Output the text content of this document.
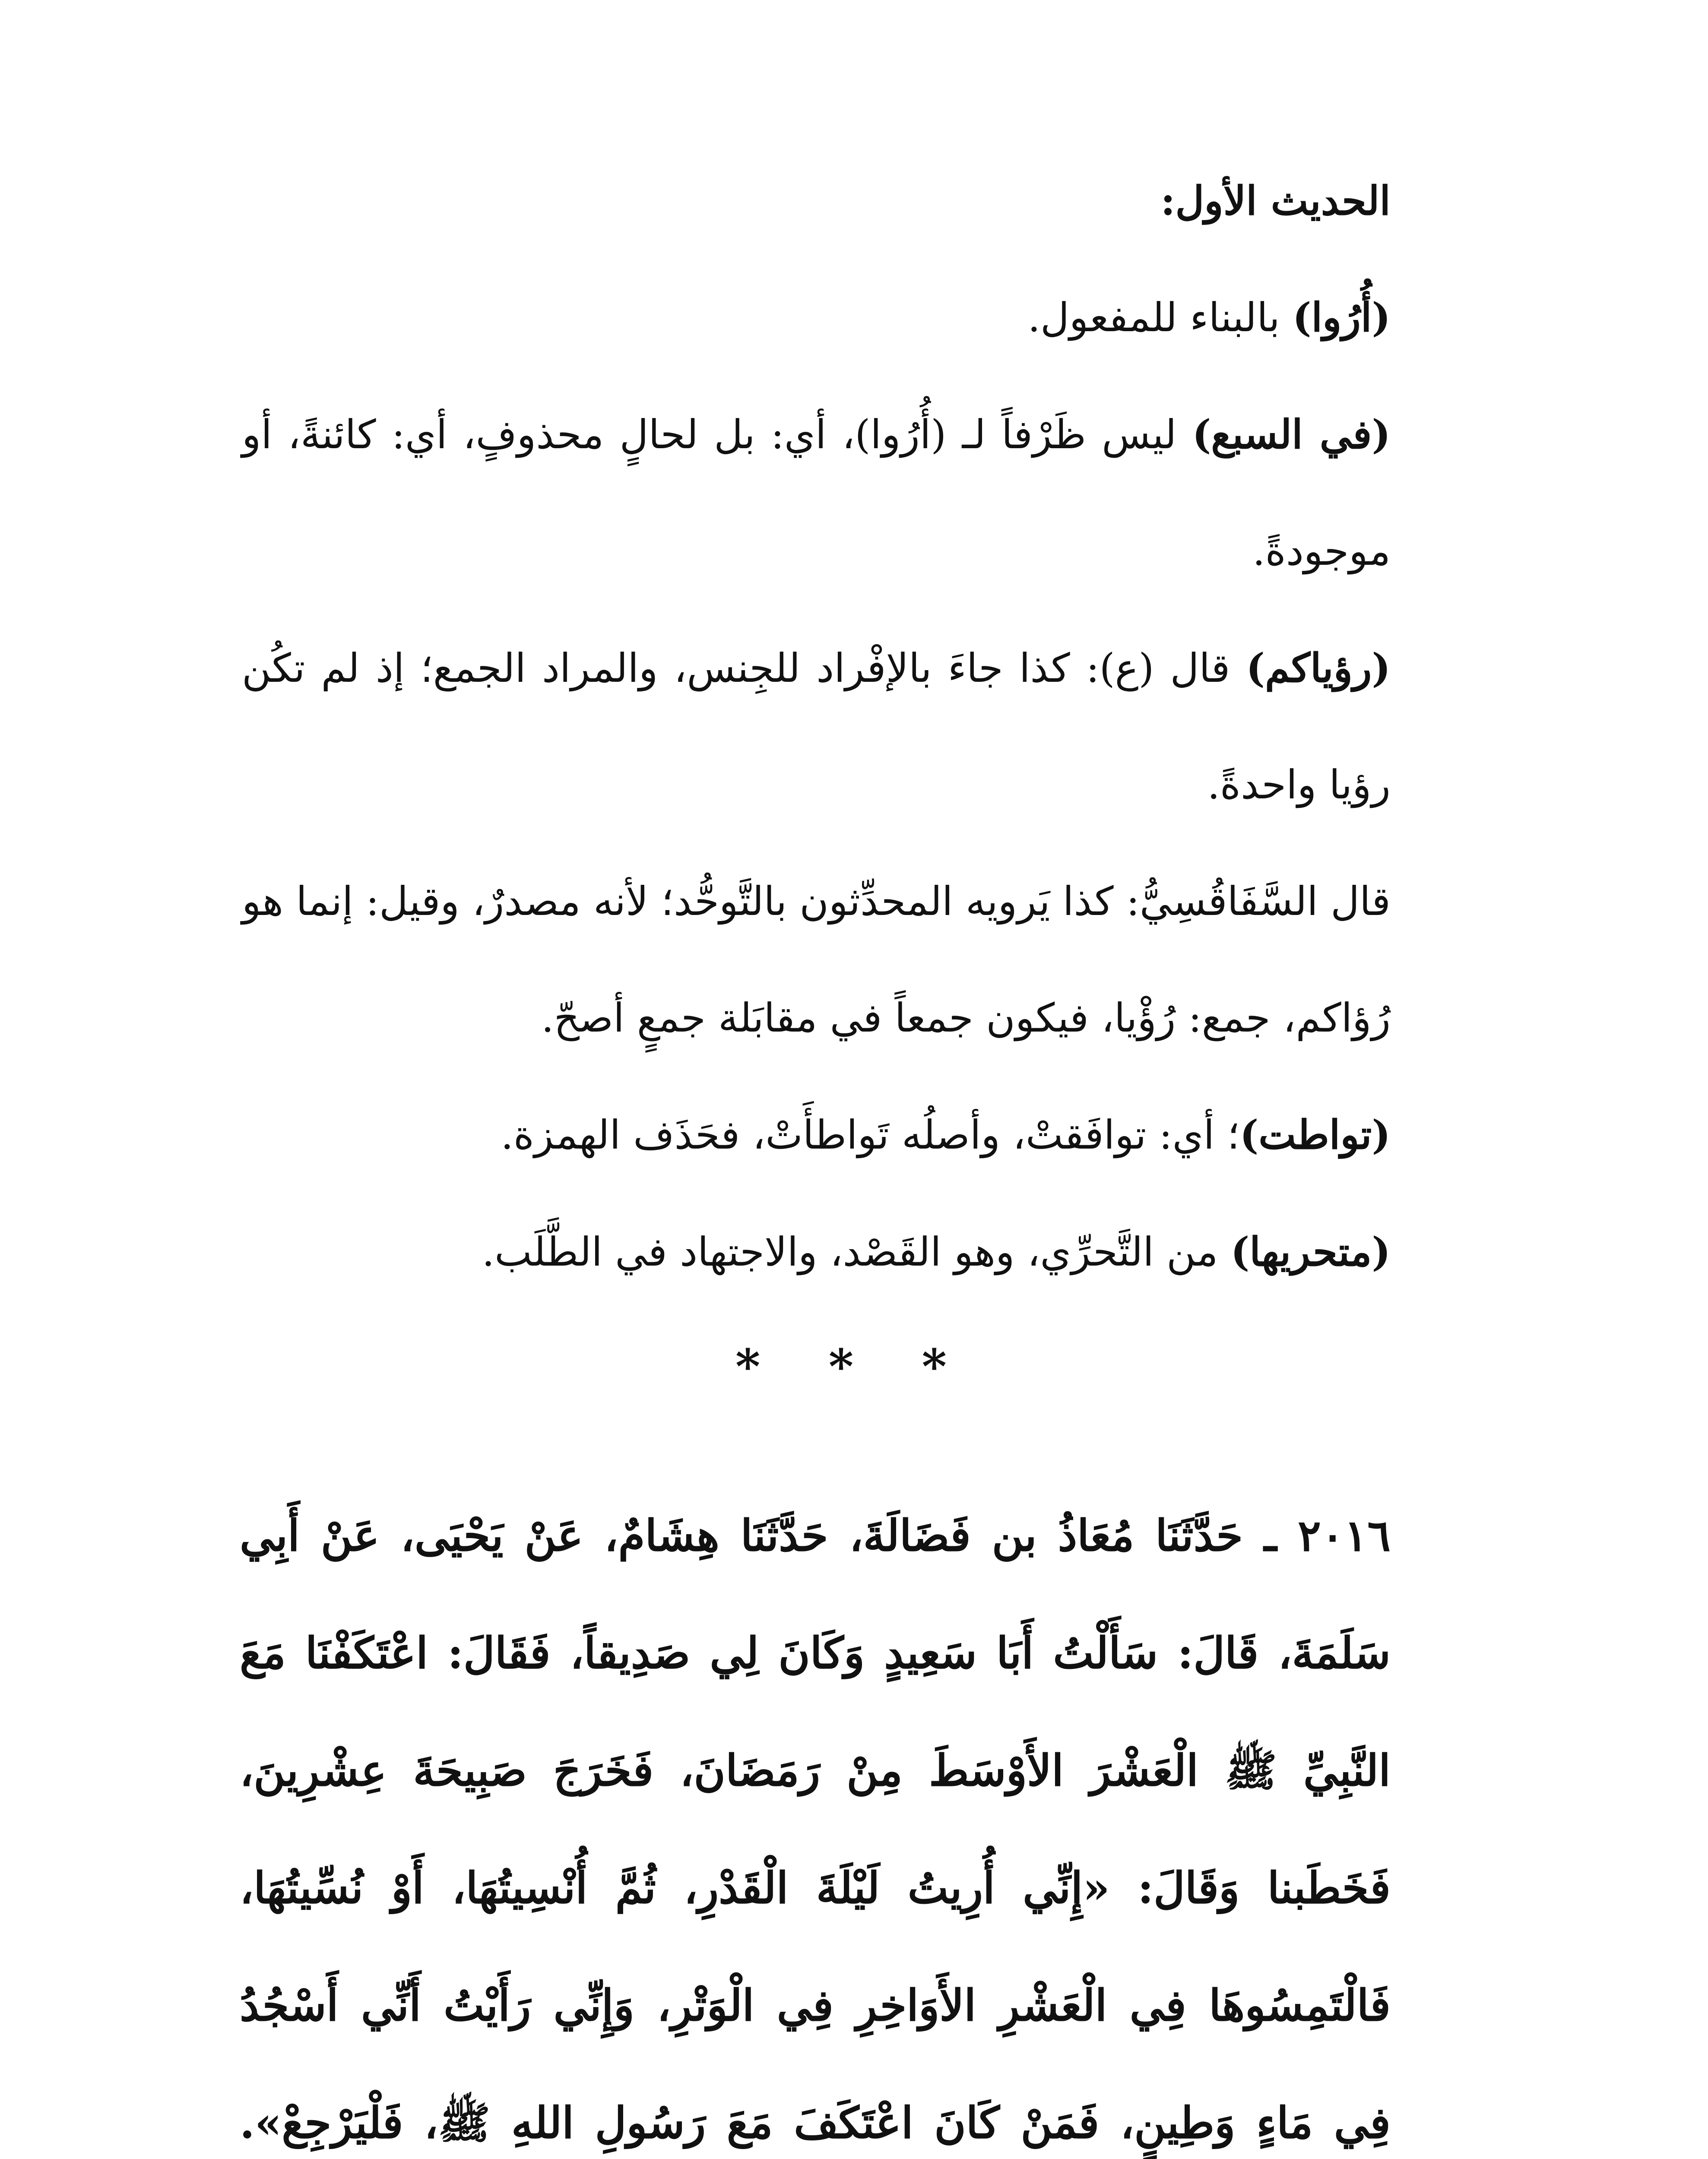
الحديث الأول:

(أُرُوا) بالبناء للمفعول.

(في السبع) ليس ظَرْفاً لـ (أُرُوا)، أي: بل لحالٍ محذوفٍ، أي: كائنةً، أو موجودةً.

(رؤياكم) قال (ع): كذا جاءَ بالإفْراد للجِنس، والمراد الجمع؛ إذ لم تكُن رؤيا واحدةً.

قال السَّفَاقُسِيُّ: كذا يَرويه المحدِّثون بالتَّوحُّد؛ لأنه مصدرٌ، وقيل: إنما هو رُؤاكم، جمع: رُؤْيا، فيكون جمعاً في مقابَلة جمعٍ أصحّ.

(تواطت)؛ أي: توافَقتْ، وأصلُه تَواطأَتْ، فحَذَف الهمزة.

(متحريها) من التَّحرِّي، وهو القَصْد، والاجتهاد في الطَّلَب.

* * *

٢٠١٦ ـ حَدَّثَنَا مُعَاذُ بن فَضَالَةَ، حَدَّثَنَا هِشَامٌ، عَنْ يَحْيَى، عَنْ أَبِي سَلَمَةَ، قَالَ: سَأَلْتُ أَبَا سَعِيدٍ وَكَانَ لِي صَدِيقاً، فَقَالَ: اعْتَكَفْنَا مَعَ النَّبِيِّ ﷺ الْعَشْرَ الأَوْسَطَ مِنْ رَمَضَانَ، فَخَرَجَ صَبِيحَةَ عِشْرِينَ، فَخَطَبنا وَقَالَ: «إِنِّي أُرِيتُ لَيْلَةَ الْقَدْرِ، ثُمَّ أُنْسِيتُهَا، أَوْ نُسِّيتُهَا، فَالْتَمِسُوهَا فِي الْعَشْرِ الأَوَاخِرِ فِي الْوَتْرِ، وَإِنِّي رَأَيْتُ أَنِّي أَسْجُدُ فِي مَاءٍ وَطِينٍ، فَمَنْ كَانَ اعْتَكَفَ مَعَ رَسُولِ اللهِ ﷺ، فَلْيَرْجِعْ».
